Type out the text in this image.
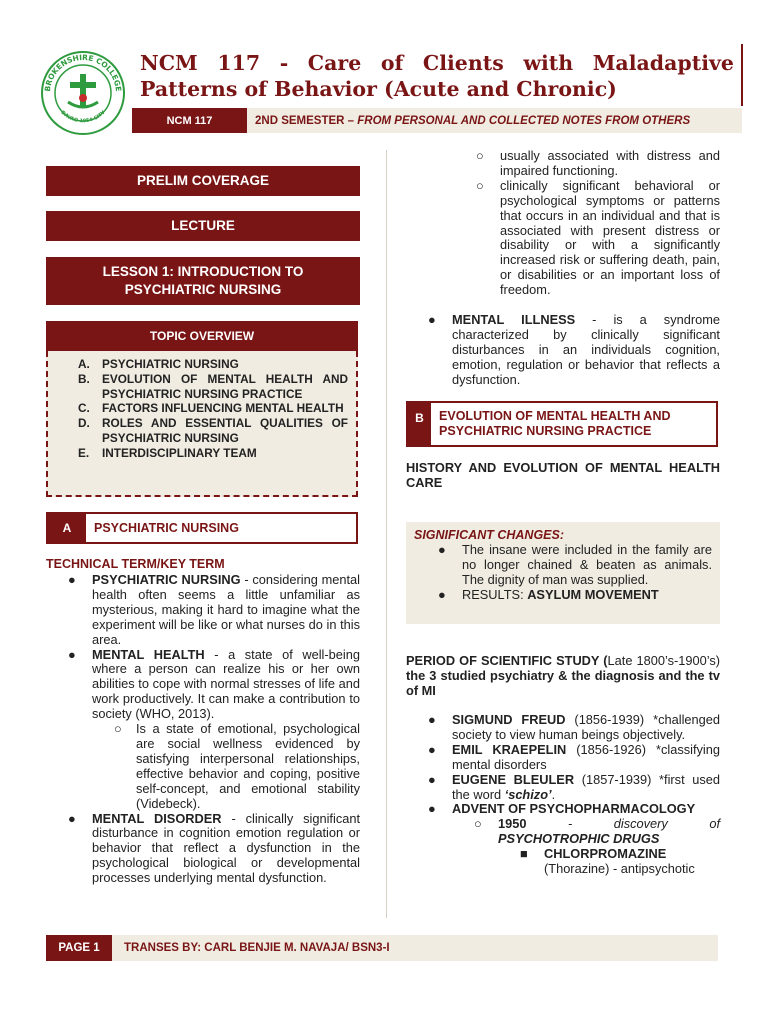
BROKENSHIRE COLLEGE
DAVAO 1954 CITY
NCM 117 - Care of Clients with Maladaptive
Patterns of Behavior (Acute and Chronic)
NCM 117	2ND SEMESTER – FROM PERSONAL AND COLLECTED NOTES FROM OTHERS
PRELIM COVERAGE
LECTURE
LESSON 1: INTRODUCTION TO PSYCHIATRIC NURSING
TOPIC OVERVIEW
A.	PSYCHIATRIC NURSING
B.	EVOLUTION OF MENTAL HEALTH AND PSYCHIATRIC NURSING PRACTICE
C.	FACTORS INFLUENCING MENTAL HEALTH
D.	ROLES AND ESSENTIAL QUALITIES OF PSYCHIATRIC NURSING
E.	INTERDISCIPLINARY TEAM
A	PSYCHIATRIC NURSING
TECHNICAL TERM/KEY TERM
●	PSYCHIATRIC NURSING - considering mental health often seems a little unfamiliar as mysterious, making it hard to imagine what the experiment will be like or what nurses do in this area.
●	MENTAL HEALTH - a state of well-being where a person can realize his or her own abilities to cope with normal stresses of life and work productively. It can make a contribution to society (WHO, 2013).
○	Is a state of emotional, psychological are social wellness evidenced by satisfying interpersonal relationships, effective behavior and coping, positive self-concept, and emotional stability (Videbeck).
●	MENTAL DISORDER - clinically significant disturbance in cognition emotion regulation or behavior that reflect a dysfunction in the psychological biological or developmental processes underlying mental dysfunction.
○	usually associated with distress and impaired functioning.
○	clinically significant behavioral or psychological symptoms or patterns that occurs in an individual and that is associated with present distress or disability or with a significantly increased risk or suffering death, pain, or disabilities or an important loss of freedom.
●	MENTAL ILLNESS - is a syndrome characterized by clinically significant disturbances in an individuals cognition, emotion, regulation or behavior that reflects a dysfunction.
B	EVOLUTION OF MENTAL HEALTH AND PSYCHIATRIC NURSING PRACTICE
HISTORY AND EVOLUTION OF MENTAL HEALTH CARE
SIGNIFICANT CHANGES:
●	The insane were included in the family are no longer chained & beaten as animals. The dignity of man was supplied.
●	RESULTS: ASYLUM MOVEMENT
PERIOD OF SCIENTIFIC STUDY (Late 1800’s-1900’s) the 3 studied psychiatry & the diagnosis and the tv of MI
●	SIGMUND FREUD (1856-1939) *challenged society to view human beings objectively.
●	EMIL KRAEPELIN (1856-1926) *classifying mental disorders
●	EUGENE BLEULER (1857-1939) *first used the word ‘schizo’.
●	ADVENT OF PSYCHOPHARMACOLOGY
○	1950 - discovery of PSYCHOTROPHIC DRUGS
■	CHLORPROMAZINE
(Thorazine) - antipsychotic
PAGE 1	TRANSES BY: CARL BENJIE M. NAVAJA/ BSN3-I
